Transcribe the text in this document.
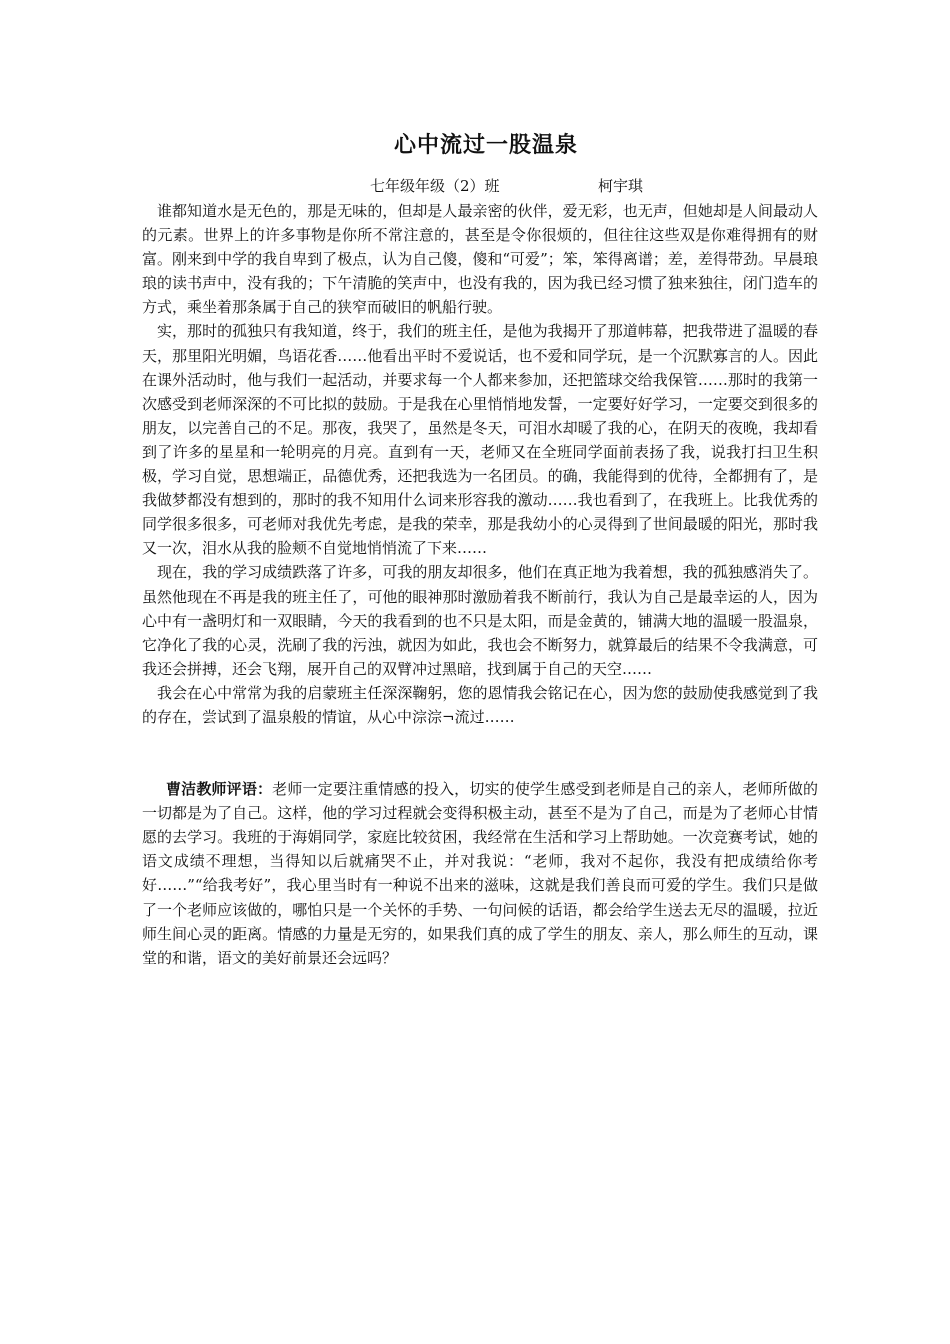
心中流过一股温泉
七年级年级（2）班	柯宇琪

谁都知道水是无色的，那是无味的，但却是人最亲密的伙伴，爱无彩，也无声，但她却是人间最动人的元素。世界上的许多事物是你所不常注意的，甚至是令你很烦的，但往往这些双是你难得拥有的财富。刚来到中学的我自卑到了极点，认为自己傻，傻和“可爱”；笨，笨得离谱；差，差得带劲。早晨琅琅的读书声中，没有我的；下午清脆的笑声中，也没有我的，因为我已经习惯了独来独往，闭门造车的方式，乘坐着那条属于自己的狭窄而破旧的帆船行驶。

实，那时的孤独只有我知道，终于，我们的班主任，是他为我揭开了那道帏幕，把我带进了温暖的春天，那里阳光明媚，鸟语花香……他看出平时不爱说话，也不爱和同学玩，是一个沉默寡言的人。因此在课外活动时，他与我们一起活动，并要求每一个人都来参加，还把篮球交给我保管……那时的我第一次感受到老师深深的不可比拟的鼓励。于是我在心里悄悄地发誓，一定要好好学习，一定要交到很多的朋友，以完善自己的不足。那夜，我哭了，虽然是冬天，可泪水却暖了我的心，在阴天的夜晚，我却看到了许多的星星和一轮明亮的月亮。直到有一天，老师又在全班同学面前表扬了我，说我打扫卫生积极，学习自觉，思想端正，品德优秀，还把我选为一名团员。的确，我能得到的优待，全都拥有了，是我做梦都没有想到的，那时的我不知用什么词来形容我的激动……我也看到了，在我班上。比我优秀的同学很多很多，可老师对我优先考虑，是我的荣幸，那是我幼小的心灵得到了世间最暖的阳光，那时我又一次，泪水从我的脸颊不自觉地悄悄流了下来……

现在，我的学习成绩跌落了许多，可我的朋友却很多，他们在真正地为我着想，我的孤独感消失了。虽然他现在不再是我的班主任了，可他的眼神那时激励着我不断前行，我认为自己是最幸运的人，因为心中有一盏明灯和一双眼睛，今天的我看到的也不只是太阳，而是金黄的，铺满大地的温暖一股温泉，它净化了我的心灵，洗刷了我的污浊，就因为如此，我也会不断努力，就算最后的结果不令我满意，可我还会拼搏，还会飞翔，展开自己的双臂冲过黑暗，找到属于自己的天空……

我会在心中常常为我的启蒙班主任深深鞠躬，您的恩情我会铭记在心，因为您的鼓励使我感觉到了我的存在，尝试到了温泉般的情谊，从心中淙淙¬流过……

曹洁教师评语：老师一定要注重情感的投入，切实的使学生感受到老师是自己的亲人，老师所做的一切都是为了自己。这样，他的学习过程就会变得积极主动，甚至不是为了自己，而是为了老师心甘情愿的去学习。我班的于海娟同学，家庭比较贫困，我经常在生活和学习上帮助她。一次竞赛考试，她的语文成绩不理想，当得知以后就痛哭不止，并对我说：“老师，我对不起你，我没有把成绩给你考好……”“给我考好”，我心里当时有一种说不出来的滋味，这就是我们善良而可爱的学生。我们只是做了一个老师应该做的，哪怕只是一个关怀的手势、一句问候的话语，都会给学生送去无尽的温暖，拉近师生间心灵的距离。情感的力量是无穷的，如果我们真的成了学生的朋友、亲人，那么师生的互动，课堂的和谐，语文的美好前景还会远吗？
